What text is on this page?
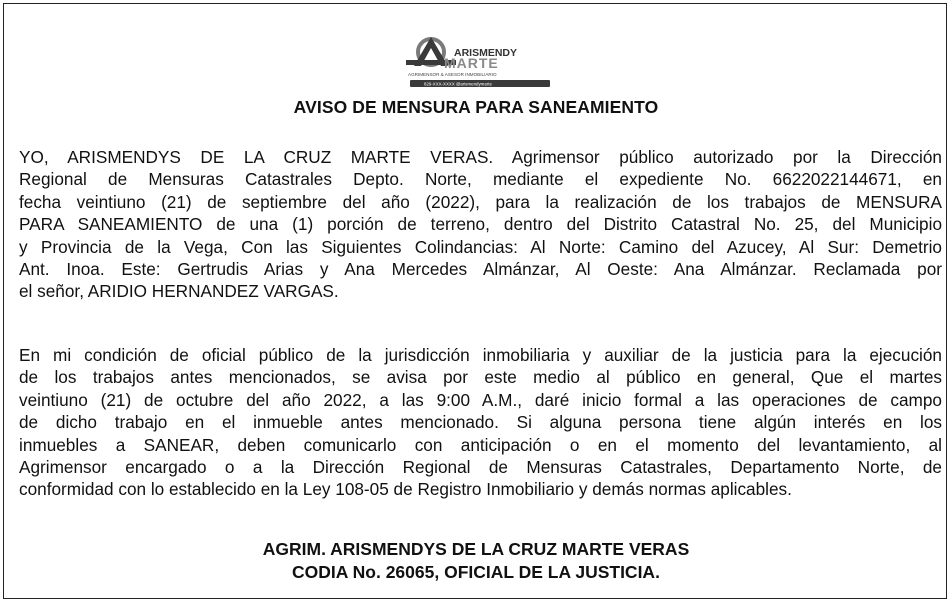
ARISMENDY
MARTE
AGRIMENSOR & ASESOR INMOBILIARIO
829-XXX-XXXX @arismendymarte
AVISO DE MENSURA PARA SANEAMIENTO
YO, ARISMENDYS DE LA CRUZ MARTE VERAS. Agrimensor público autorizado por la Dirección
Regional de Mensuras Catastrales Depto. Norte, mediante el expediente No. 6622022144671, en
fecha veintiuno (21) de septiembre del año (2022), para la realización de los trabajos de MENSURA
PARA SANEAMIENTO de una (1) porción de terreno, dentro del Distrito Catastral No. 25, del Municipio
y Provincia de la Vega, Con las Siguientes Colindancias: Al Norte: Camino del Azucey, Al Sur: Demetrio
Ant. Inoa. Este: Gertrudis Arias y Ana Mercedes Almánzar, Al Oeste: Ana Almánzar. Reclamada por
el señor, ARIDIO HERNANDEZ VARGAS.
En mi condición de oficial público de la jurisdicción inmobiliaria y auxiliar de la justicia para la ejecución
de los trabajos antes mencionados, se avisa por este medio al público en general, Que el martes
veintiuno (21) de octubre del año 2022, a las 9:00 A.M., daré inicio formal a las operaciones de campo
de dicho trabajo en el inmueble antes mencionado. Si alguna persona tiene algún interés en los
inmuebles a SANEAR, deben comunicarlo con anticipación o en el momento del levantamiento, al
Agrimensor encargado o a la Dirección Regional de Mensuras Catastrales, Departamento Norte, de
conformidad con lo establecido en la Ley 108-05 de Registro Inmobiliario y demás normas aplicables.
AGRIM. ARISMENDYS DE LA CRUZ MARTE VERAS
CODIA No. 26065, OFICIAL DE LA JUSTICIA.
